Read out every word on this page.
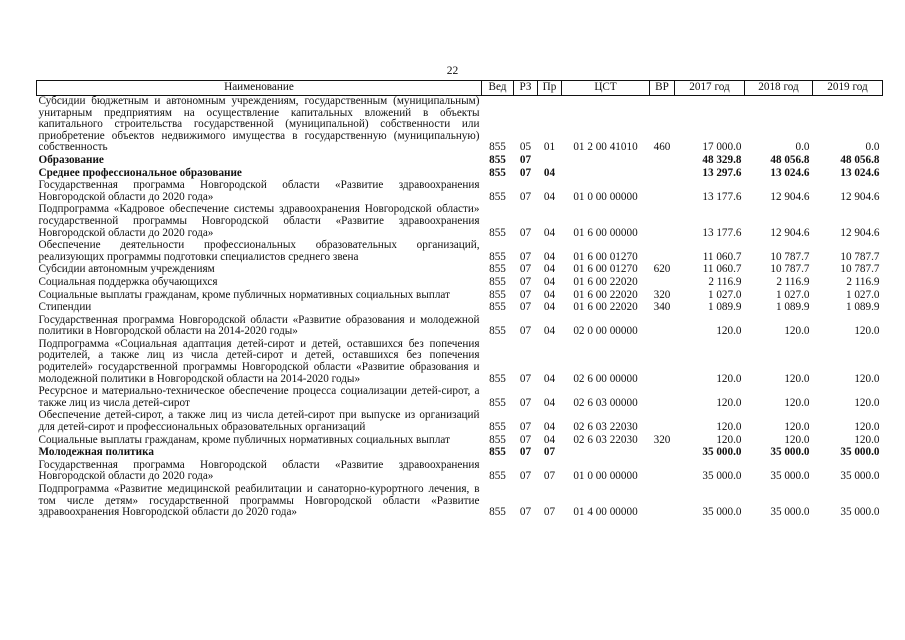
22
Наименование	Вед	РЗ	Пр	ЦСТ	ВР	2017 год	2018 год	2019 год
Субсидии бюджетным и автономным учреждениям, государственным (муниципальным) унитарным предприятиям на осуществление капитальных вложений в объекты капитального строительства государственной (муниципальной) собственности или приобретение объектов недвижимого имущества в государственную (муниципальную) собственность	855	05	01	01 2 00 41010	460	17 000.0	0.0	0.0
Образование	855	07				48 329.8	48 056.8	48 056.8
Среднее профессиональное образование	855	07	04			13 297.6	13 024.6	13 024.6
Государственная программа Новгородской области «Развитие здравоохранения Новгородской области до 2020 года»	855	07	04	01 0 00 00000		13 177.6	12 904.6	12 904.6
Подпрограмма «Кадровое обеспечение системы здравоохранения Новгородской области» государственной программы Новгородской области «Развитие здравоохранения Новгородской области до 2020 года»	855	07	04	01 6 00 00000		13 177.6	12 904.6	12 904.6
Обеспечение деятельности профессиональных образовательных организаций, реализующих программы подготовки специалистов среднего звена	855	07	04	01 6 00 01270		11 060.7	10 787.7	10 787.7
Субсидии автономным учреждениям	855	07	04	01 6 00 01270	620	11 060.7	10 787.7	10 787.7
Социальная поддержка обучающихся	855	07	04	01 6 00 22020		2 116.9	2 116.9	2 116.9
Социальные выплаты гражданам, кроме публичных нормативных социальных выплат	855	07	04	01 6 00 22020	320	1 027.0	1 027.0	1 027.0
Стипендии	855	07	04	01 6 00 22020	340	1 089.9	1 089.9	1 089.9
Государственная программа Новгородской области «Развитие образования и молодежной политики в Новгородской области на 2014-2020 годы»	855	07	04	02 0 00 00000		120.0	120.0	120.0
Подпрограмма «Социальная адаптация детей-сирот и детей, оставшихся без попечения родителей, а также лиц из числа детей-сирот и детей, оставшихся без попечения родителей» государственной программы Новгородской области «Развитие образования и молодежной политики в Новгородской области на 2014-2020 годы»	855	07	04	02 6 00 00000		120.0	120.0	120.0
Ресурсное и материально-техническое обеспечение процесса социализации детей-сирот, а также лиц из числа детей-сирот	855	07	04	02 6 03 00000		120.0	120.0	120.0
Обеспечение детей-сирот, а также лиц из числа детей-сирот при выпуске из организаций для детей-сирот и профессиональных образовательных организаций	855	07	04	02 6 03 22030		120.0	120.0	120.0
Социальные выплаты гражданам, кроме публичных нормативных социальных выплат	855	07	04	02 6 03 22030	320	120.0	120.0	120.0
Молодежная политика	855	07	07			35 000.0	35 000.0	35 000.0
Государственная программа Новгородской области «Развитие здравоохранения Новгородской области до 2020 года»	855	07	07	01 0 00 00000		35 000.0	35 000.0	35 000.0
Подпрограмма «Развитие медицинской реабилитации и санаторно-курортного лечения, в том числе детям» государственной программы Новгородской области «Развитие здравоохранения Новгородской области до 2020 года»	855	07	07	01 4 00 00000		35 000.0	35 000.0	35 000.0
